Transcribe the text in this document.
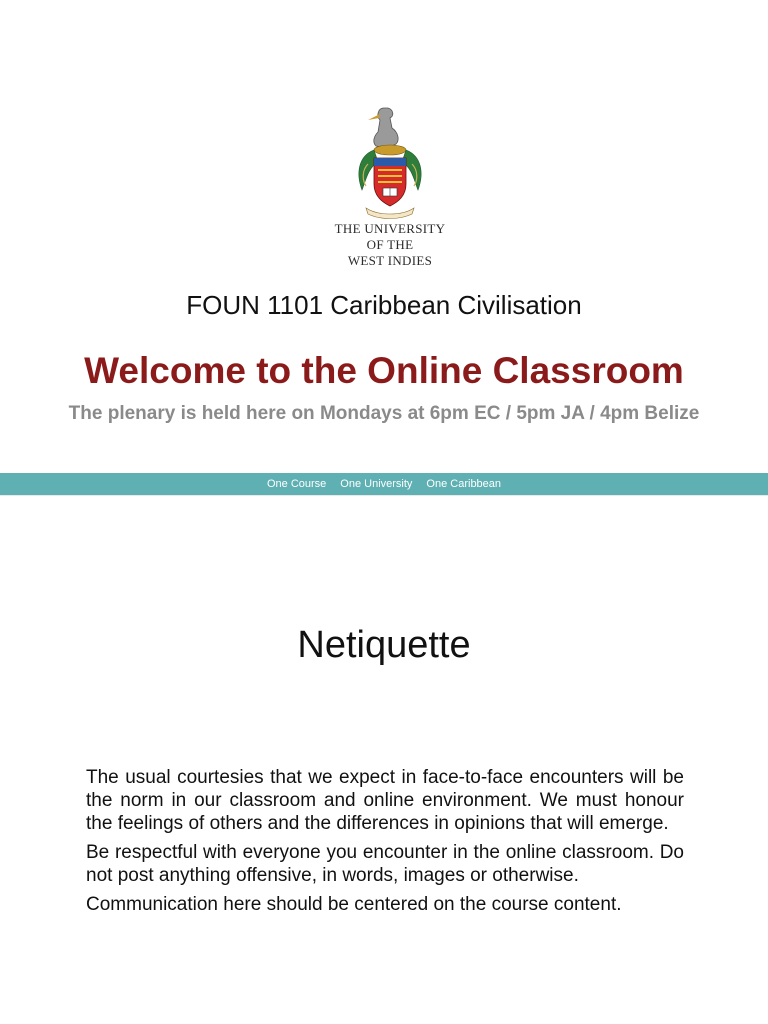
THE UNIVERSITY
OF THE
WEST INDIES
FOUN 1101 Caribbean Civilisation
Welcome to the Online Classroom
The plenary is held here on Mondays at 6pm EC / 5pm JA / 4pm Belize
One Course One University One Caribbean
Netiquette

The usual courtesies that we expect in face-to-face encounters will be the norm in our classroom and online environment. We must honour the feelings of others and the differences in opinions that will emerge.

Be respectful with everyone you encounter in the online classroom. Do not post anything offensive, in words, images or otherwise.

Communication here should be centered on the course content.
